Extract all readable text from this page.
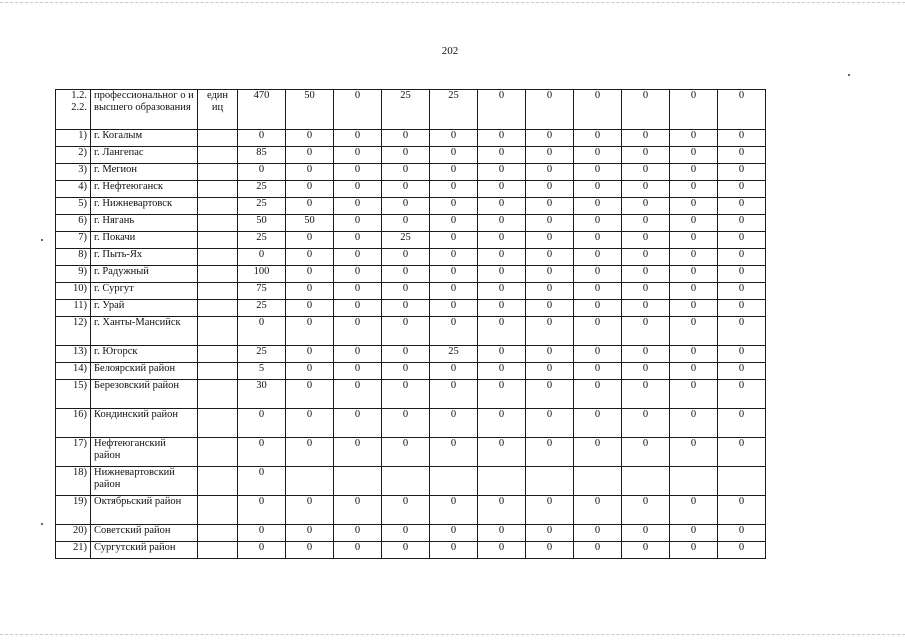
202
1.2.
2.2.	профессиональног о и высшего образования	един иц	470	50	0	25	25	0	0	0	0	0	0
1)	г. Когалым		0	0	0	0	0	0	0	0	0	0	0
2)	г. Лангепас		85	0	0	0	0	0	0	0	0	0	0
3)	г. Мегион		0	0	0	0	0	0	0	0	0	0	0
4)	г. Нефтеюганск		25	0	0	0	0	0	0	0	0	0	0
5)	г. Нижневартовск		25	0	0	0	0	0	0	0	0	0	0
6)	г. Нягань		50	50	0	0	0	0	0	0	0	0	0
7)	г. Покачи		25	0	0	25	0	0	0	0	0	0	0
8)	г. Пыть-Ях		0	0	0	0	0	0	0	0	0	0	0
9)	г. Радужный		100	0	0	0	0	0	0	0	0	0	0
10)	г. Сургут		75	0	0	0	0	0	0	0	0	0	0
11)	г. Урай		25	0	0	0	0	0	0	0	0	0	0
12)	г. Ханты-Мансийск		0	0	0	0	0	0	0	0	0	0	0
13)	г. Югорск		25	0	0	0	25	0	0	0	0	0	0
14)	Белоярский район		5	0	0	0	0	0	0	0	0	0	0
15)	Березовский район		30	0	0	0	0	0	0	0	0	0	0
16)	Кондинский район		0	0	0	0	0	0	0	0	0	0	0
17)	Нефтеюганский район		0	0	0	0	0	0	0	0	0	0	0
18)	Нижневартовский район		0										
19)	Октябрьский район		0	0	0	0	0	0	0	0	0	0	0
20)	Советский район		0	0	0	0	0	0	0	0	0	0	0
21)	Сургутский район		0	0	0	0	0	0	0	0	0	0	0
